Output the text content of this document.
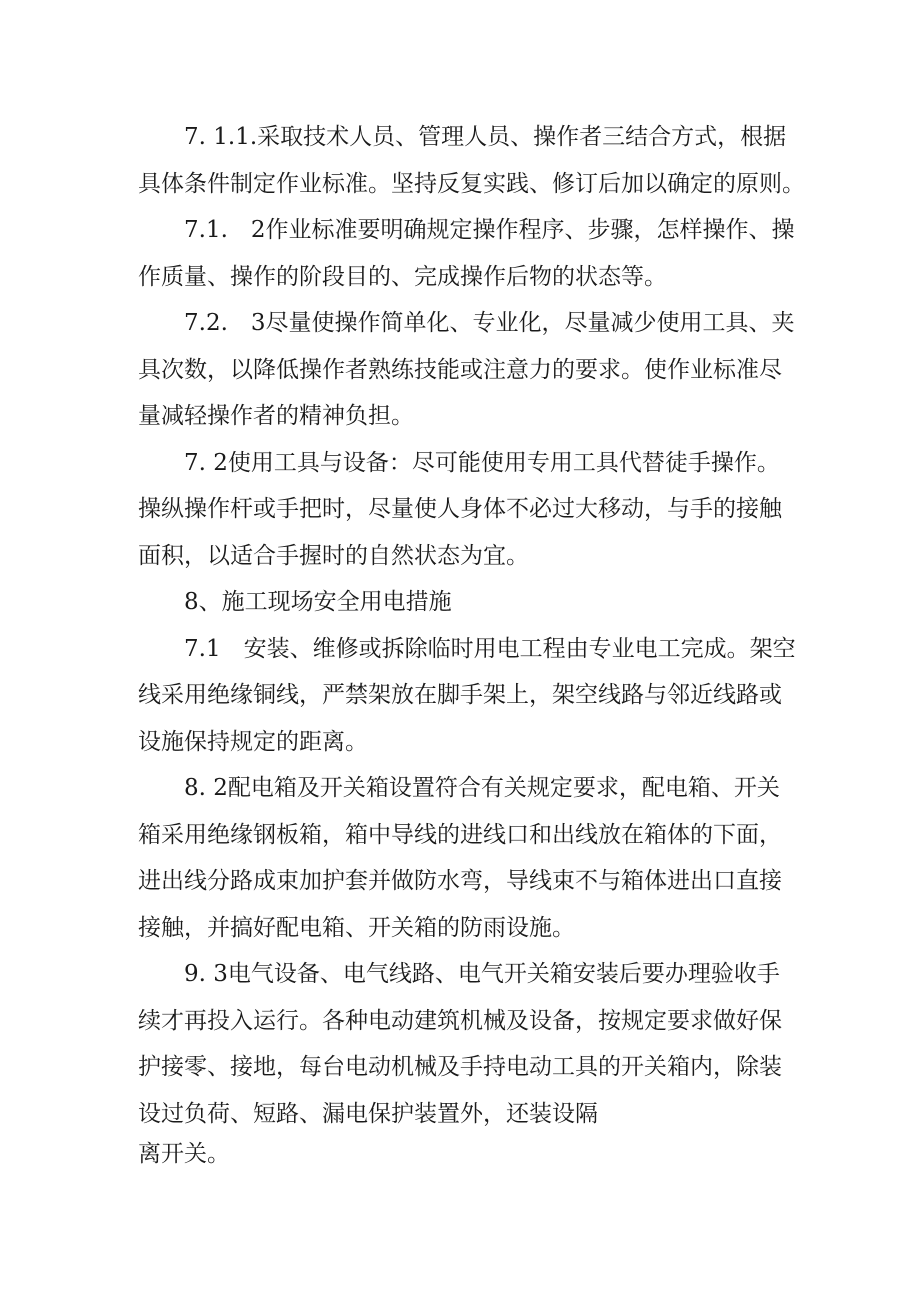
7. 1.1.采取技术人员、管理人员、操作者三结合方式，根据
具体条件制定作业标准。坚持反复实践、修订后加以确定的原则。

7.1.　2作业标准要明确规定操作程序、步骤，怎样操作、操
作质量、操作的阶段目的、完成操作后物的状态等。

7.2.　3尽量使操作简单化、专业化，尽量减少使用工具、夹
具次数，以降低操作者熟练技能或注意力的要求。使作业标准尽
量减轻操作者的精神负担。

7. 2使用工具与设备：尽可能使用专用工具代替徒手操作。
操纵操作杆或手把时，尽量使人身体不必过大移动，与手的接触
面积，以适合手握时的自然状态为宜。

8、施工现场安全用电措施

7.1　安装、维修或拆除临时用电工程由专业电工完成。架空
线采用绝缘铜线，严禁架放在脚手架上，架空线路与邻近线路或
设施保持规定的距离。

8. 2配电箱及开关箱设置符合有关规定要求，配电箱、开关
箱采用绝缘钢板箱，箱中导线的进线口和出线放在箱体的下面，
进出线分路成束加护套并做防水弯，导线束不与箱体进出口直接
接触，并搞好配电箱、开关箱的防雨设施。

9. 3电气设备、电气线路、电气开关箱安装后要办理验收手
续才再投入运行。各种电动建筑机械及设备，按规定要求做好保
护接零、接地，每台电动机械及手持电动工具的开关箱内，除装
设过负荷、短路、漏电保护装置外，还装设隔

离开关。
